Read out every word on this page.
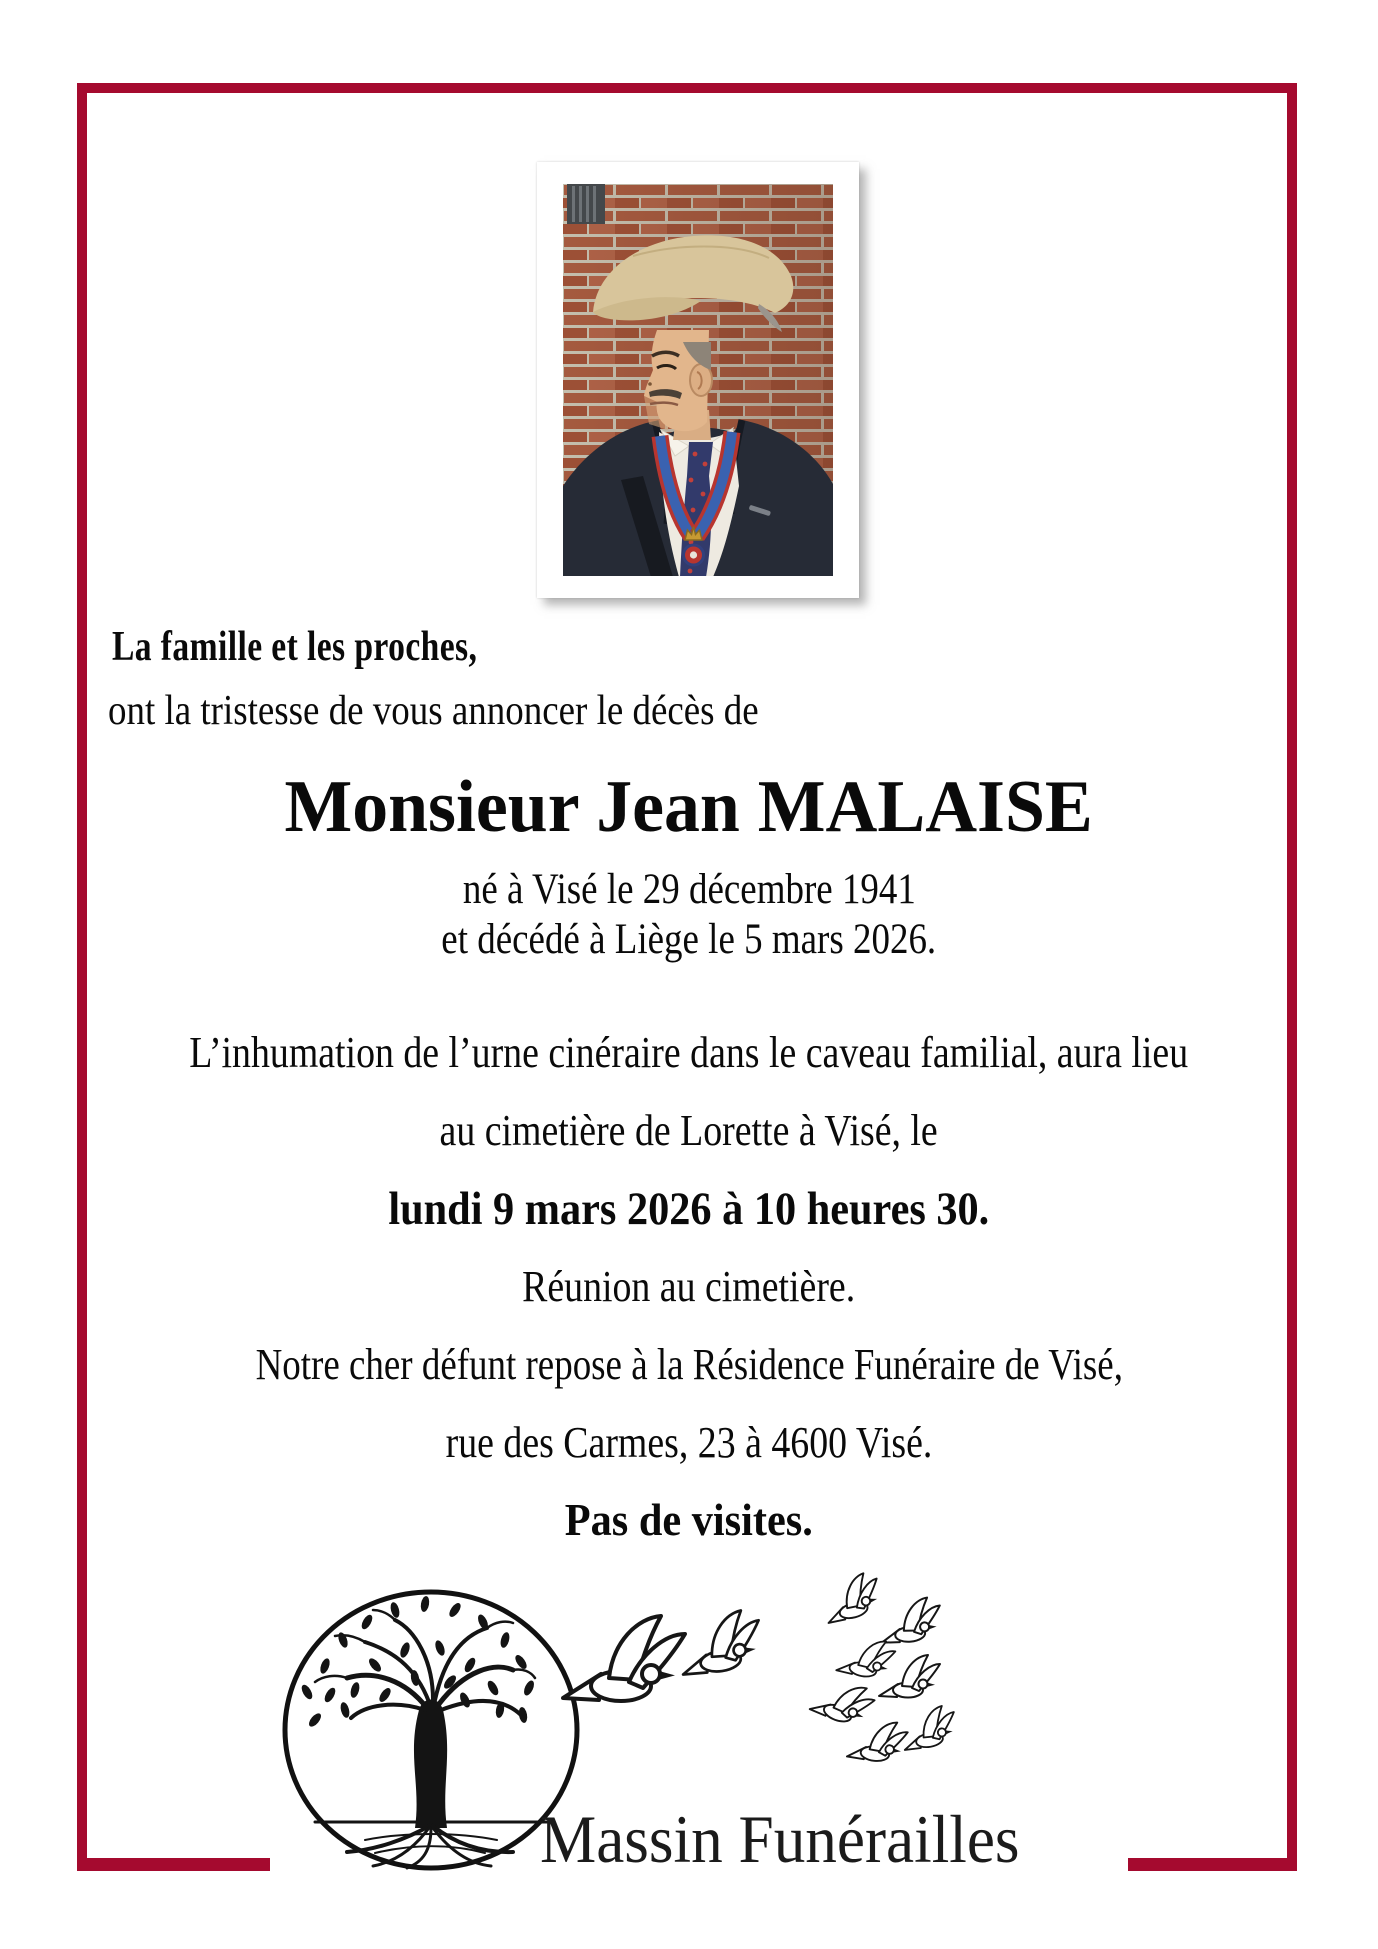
La famille et les proches,
ont la tristesse de vous annoncer le décès de
Monsieur Jean MALAISE
né à Visé le 29 décembre 1941
et décédé à Liège le 5 mars 2026.
L’inhumation de l’urne cinéraire dans le caveau familial, aura lieu
au cimetière de Lorette à Visé, le
lundi 9 mars 2026 à 10 heures 30.
Réunion au cimetière.
Notre cher défunt repose à la Résidence Funéraire de Visé,
rue des Carmes, 23 à 4600 Visé.
Pas de visites.
Massin Funérailles
